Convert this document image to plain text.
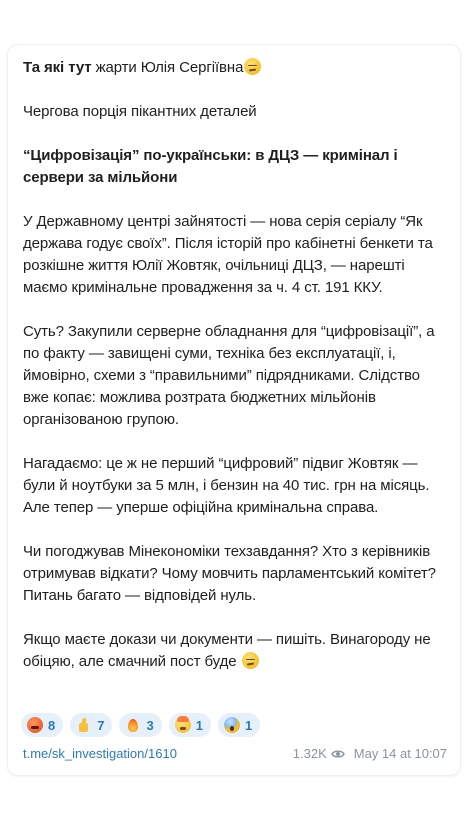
Та які тут жарти Юлія Сергіївна

Чергова порція пікантних деталей

“Цифровізація” по-українськи: в ДЦЗ — кримінал і сервери за мільйони

У Державному центрі зайнятості — нова серія серіалу “Як держава годує своїх”. Після історій про кабінетні бенкети та розкішне життя Юлії Жовтяк, очільниці ДЦЗ, — нарешті маємо кримінальне провадження за ч. 4 ст. 191 ККУ.

Суть? Закупили серверне обладнання для “цифровізації”, а по факту — завищені суми, техніка без експлуатації, і, ймовірно, схеми з “правильними” підрядниками. Слідство вже копає: можлива розтрата бюджетних мільйонів організованою групою.

Нагадаємо: це ж не перший “цифровий” підвиг Жовтяк — були й ноутбуки за 5 млн, і бензин на 40 тис. грн на місяць. Але тепер — уперше офіційна кримінальна справа.

Чи погоджував Мінекономіки техзавдання? Хто з керівників отримував відкати? Чому мовчить парламентський комітет? Питань багато — відповідей нуль.

Якщо маєте докази чи документи — пишіть. Винагороду не обіцяю, але смачний пост буде

8	7	3	1	1
t.me/sk_investigation/1610	1.32K May 14 at 10:07
